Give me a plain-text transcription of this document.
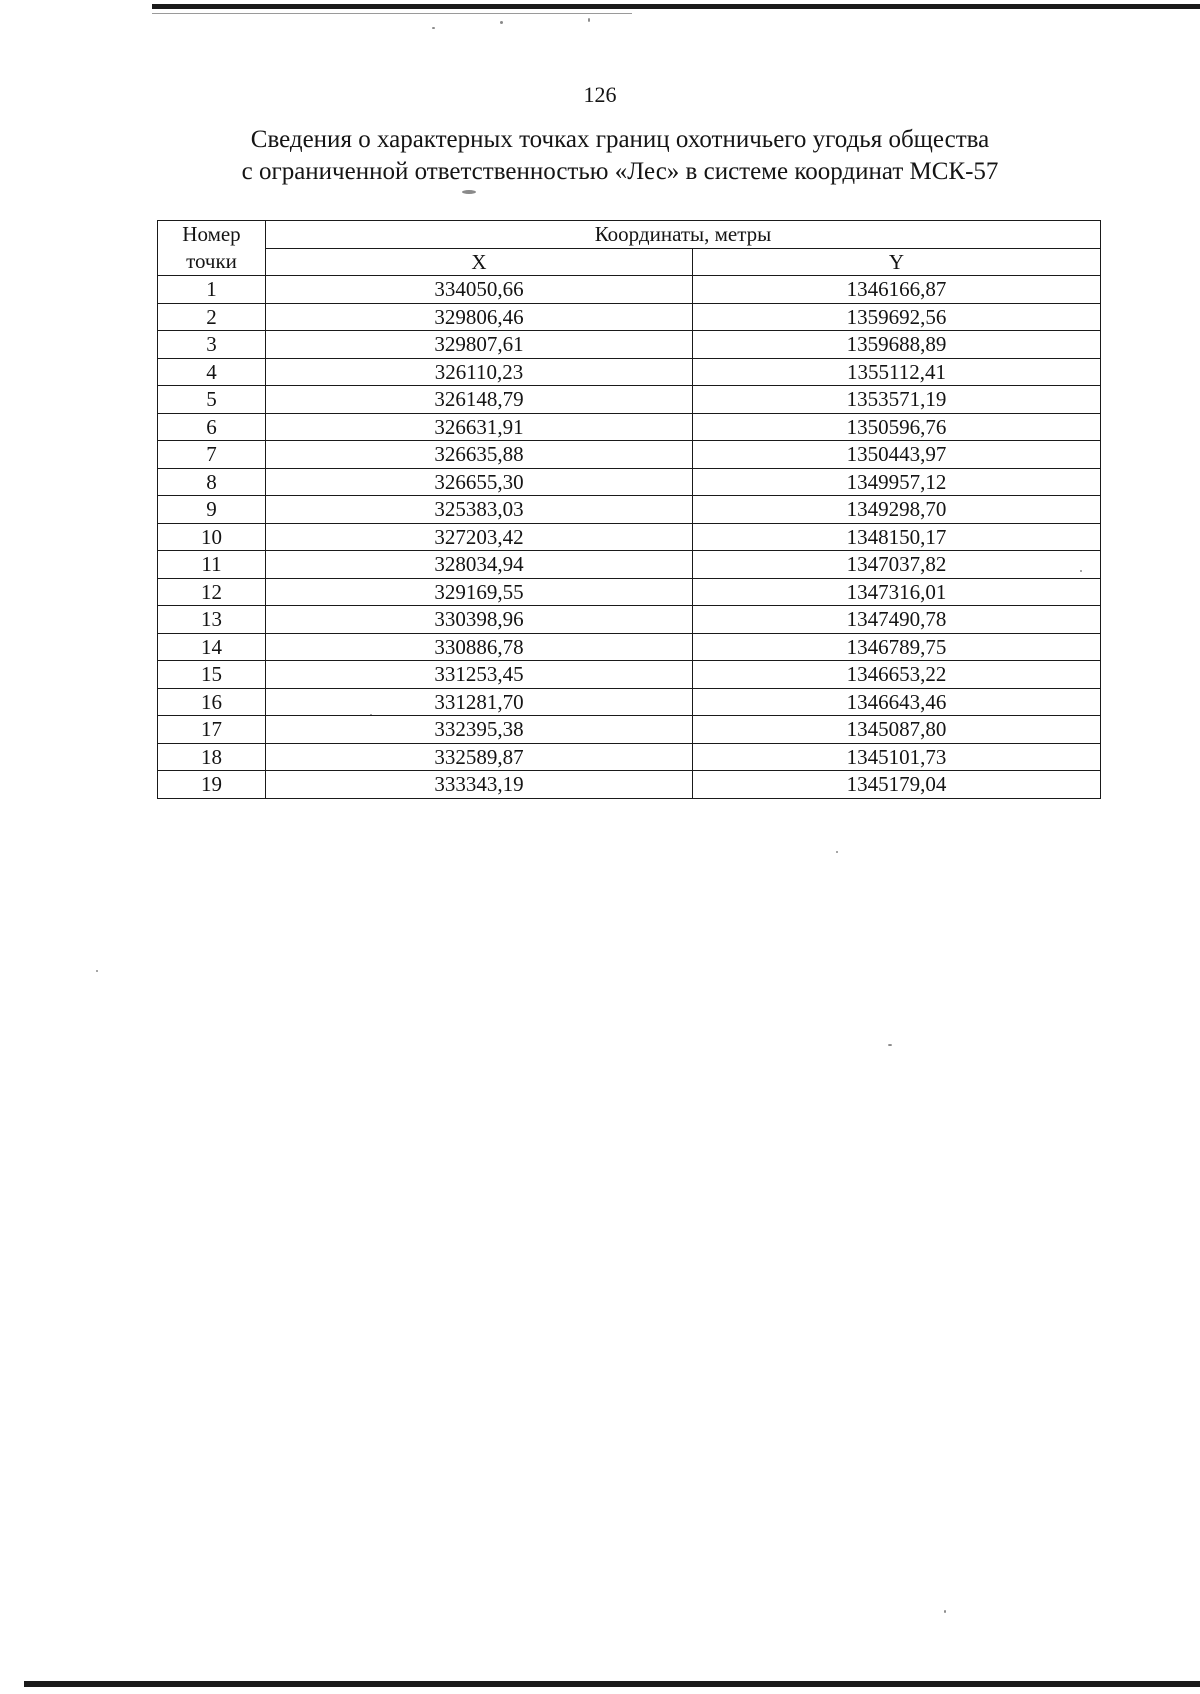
126
Сведения о характерных точках границ охотничьего угодья общества
с ограниченной ответственностью «Лес» в системе координат МСК-57
Номер
точки	Координаты, метры	
	X	Y
1	334050,66	1346166,87
2	329806,46	1359692,56
3	329807,61	1359688,89
4	326110,23	1355112,41
5	326148,79	1353571,19
6	326631,91	1350596,76
7	326635,88	1350443,97
8	326655,30	1349957,12
9	325383,03	1349298,70
10	327203,42	1348150,17
11	328034,94	1347037,82
12	329169,55	1347316,01
13	330398,96	1347490,78
14	330886,78	1346789,75
15	331253,45	1346653,22
16	331281,70	1346643,46
17	332395,38	1345087,80
18	332589,87	1345101,73
19	333343,19	1345179,04
